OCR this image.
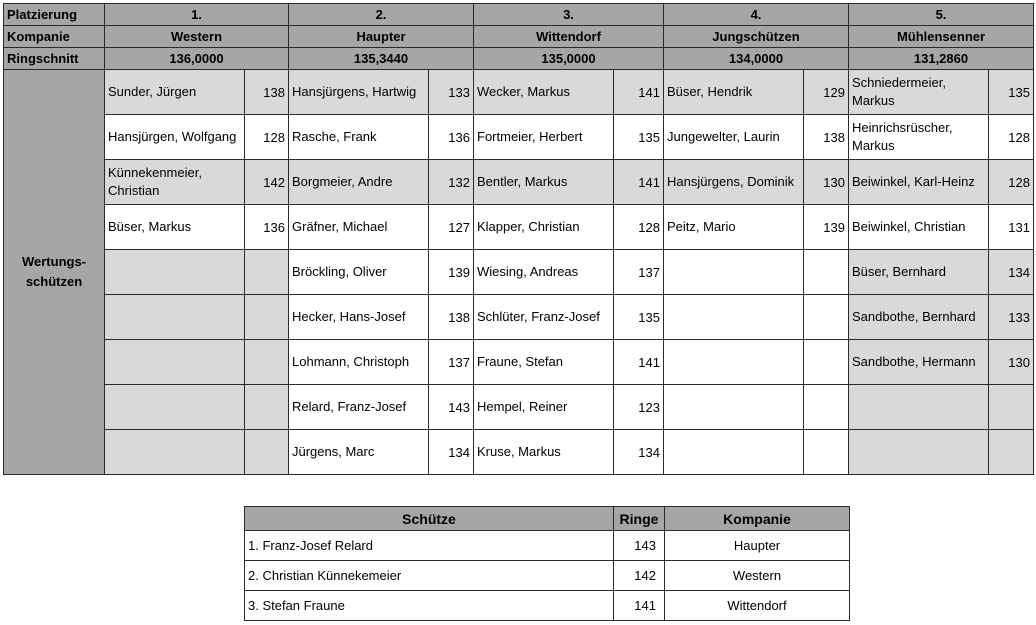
Platzierung	1.		2.		3.		4.		5.	
Kompanie	Western		Haupter		Wittendorf		Jungschützen		Mühlensenner	
Ringschnitt	136,0000		135,3440		135,0000		134,0000		131,2860	
Wertungs-schützen	Sunder, Jürgen	138	Hansjürgens, Hartwig	133	Wecker, Markus	141	Büser, Hendrik	129	Schniedermeier, Markus	135
	Hansjürgen, Wolfgang	128	Rasche, Frank	136	Fortmeier, Herbert	135	Jungewelter, Laurin	138	Heinrichsrüscher, Markus	128
	Künnekenmeier, Christian	142	Borgmeier, Andre	132	Bentler, Markus	141	Hansjürgens, Dominik	130	Beiwinkel, Karl-Heinz	128
	Büser, Markus	136	Gräfner, Michael	127	Klapper, Christian	128	Peitz, Mario	139	Beiwinkel, Christian	131
			Bröckling, Oliver	139	Wiesing, Andreas	137			Büser, Bernhard	134
			Hecker, Hans-Josef	138	Schlüter, Franz-Josef	135			Sandbothe, Bernhard	133
			Lohmann, Christoph	137	Fraune, Stefan	141			Sandbothe, Hermann	130
			Relard, Franz-Josef	143	Hempel, Reiner	123				
			Jürgens, Marc	134	Kruse, Markus	134				
Schütze	Ringe	Kompanie
1. Franz-Josef Relard	143	Haupter
2. Christian Künnekemeier	142	Western
3. Stefan Fraune	141	Wittendorf
